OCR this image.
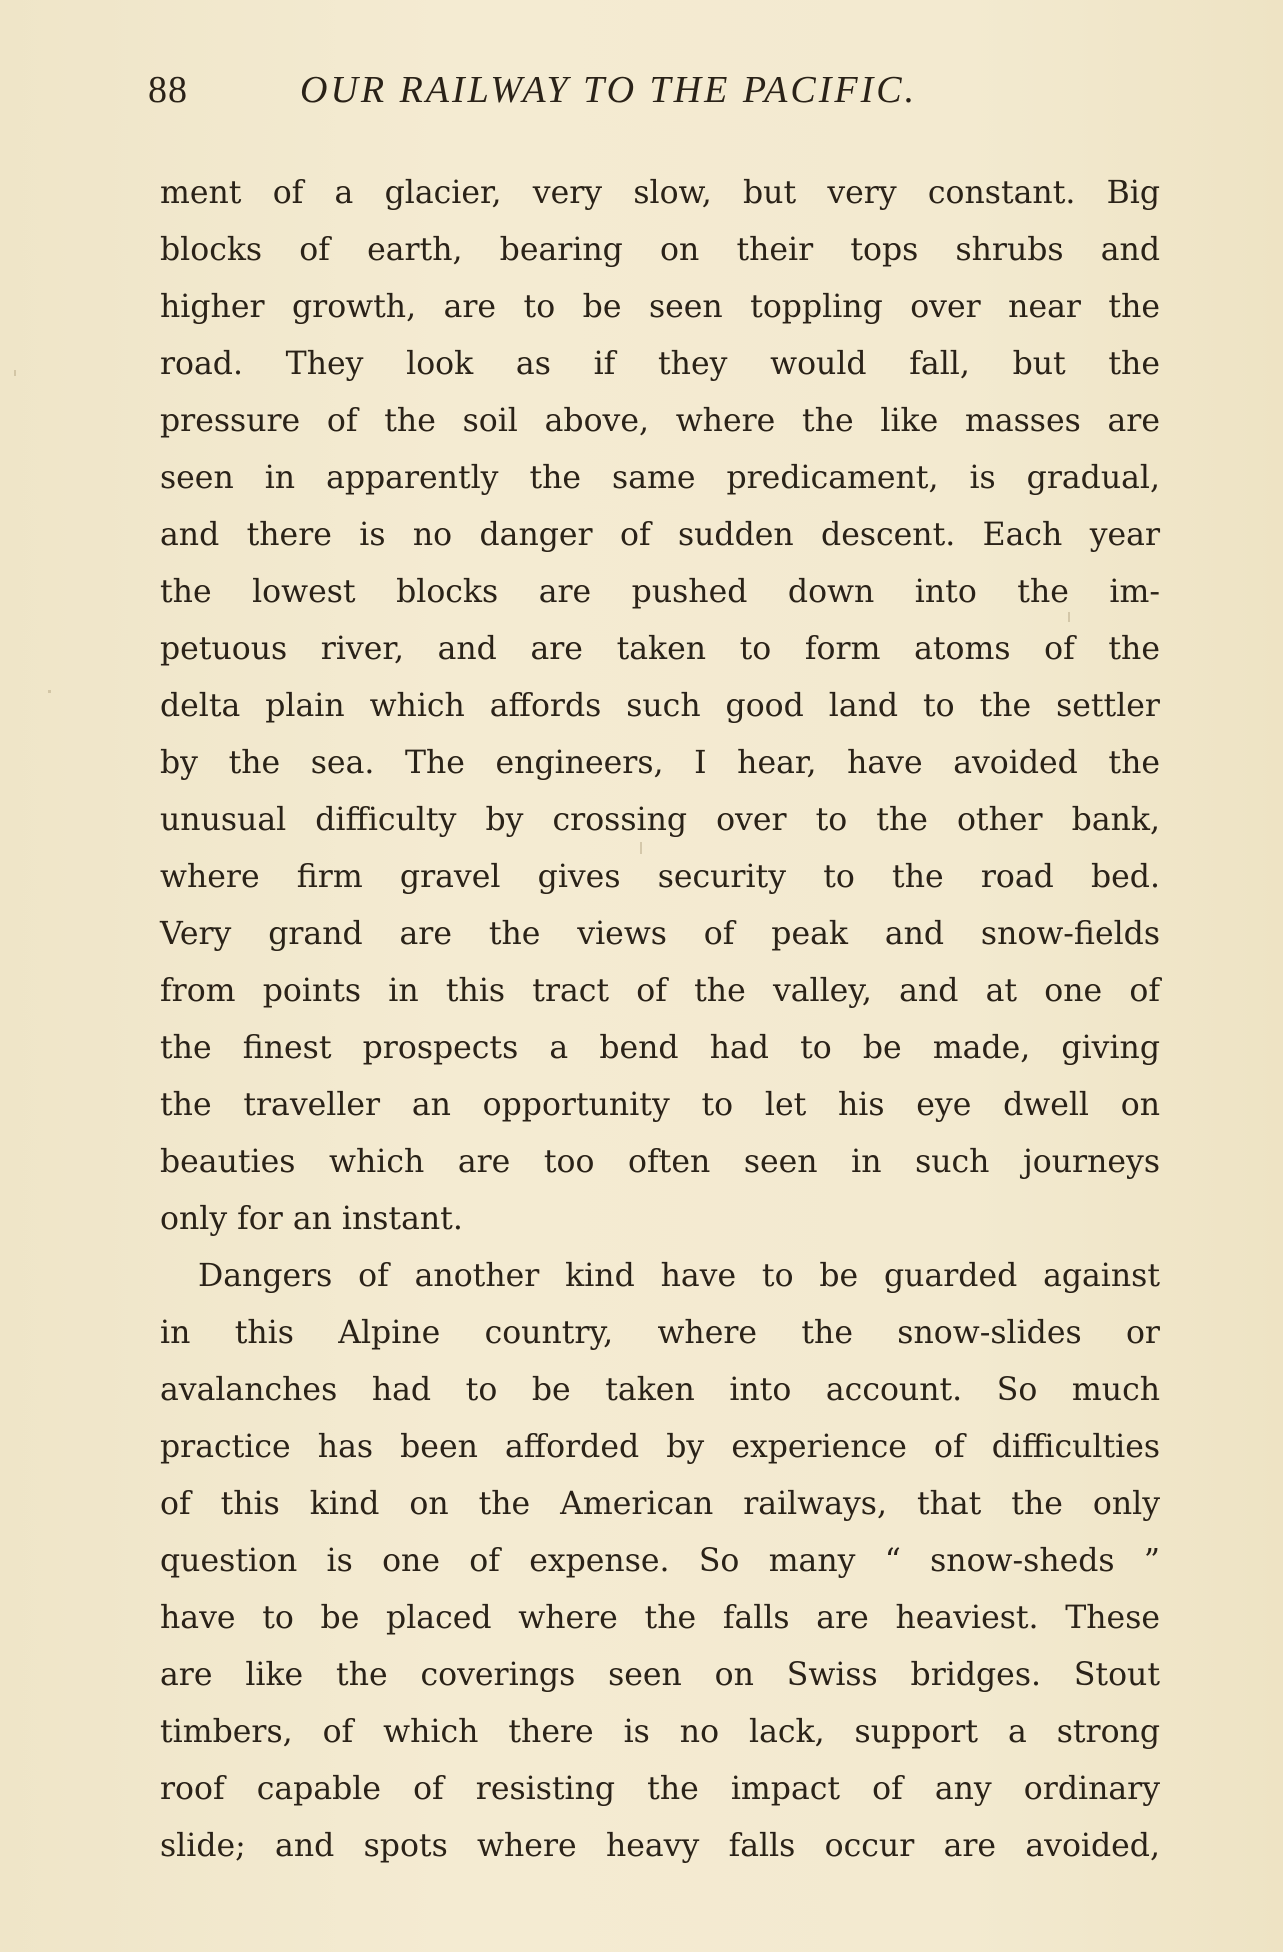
88	OUR RAILWAY TO THE PACIFIC.
ment of a glacier, very slow, but very constant. Big
blocks of earth, bearing on their tops shrubs and
higher growth, are to be seen toppling over near the
road. They look as if they would fall, but the
pressure of the soil above, where the like masses are
seen in apparently the same predicament, is gradual,
and there is no danger of sudden descent. Each year
the lowest blocks are pushed down into the im-
petuous river, and are taken to form atoms of the
delta plain which affords such good land to the settler
by the sea. The engineers, I hear, have avoided the
unusual difficulty by crossing over to the other bank,
where firm gravel gives security to the road bed.
Very grand are the views of peak and snow-fields
from points in this tract of the valley, and at one of
the finest prospects a bend had to be made, giving
the traveller an opportunity to let his eye dwell on
beauties which are too often seen in such journeys
only for an instant.
Dangers of another kind have to be guarded against
in this Alpine country, where the snow-slides or
avalanches had to be taken into account. So much
practice has been afforded by experience of difficulties
of this kind on the American railways, that the only
question is one of expense. So many “ snow-sheds ”
have to be placed where the falls are heaviest. These
are like the coverings seen on Swiss bridges. Stout
timbers, of which there is no lack, support a strong
roof capable of resisting the impact of any ordinary
slide; and spots where heavy falls occur are avoided,
